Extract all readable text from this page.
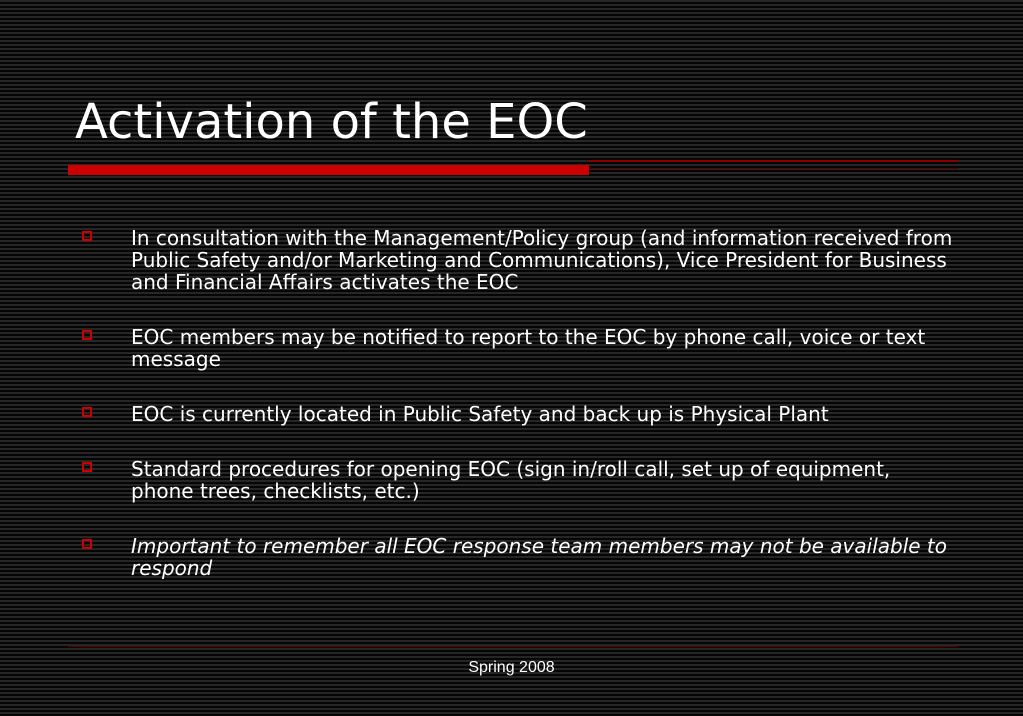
Activation of the EOC
In consultation with the Management/Policy group (and information received from Public Safety and/or Marketing and Communications), Vice President for Business and Financial Affairs activates the EOC
EOC members may be notified to report to the EOC by phone call, voice or text message
EOC is currently located in Public Safety and back up is Physical Plant
Standard procedures for opening EOC (sign in/roll call, set up of equipment, phone trees, checklists, etc.)
Important to remember all EOC response team members may not be available to respond
Spring 2008
